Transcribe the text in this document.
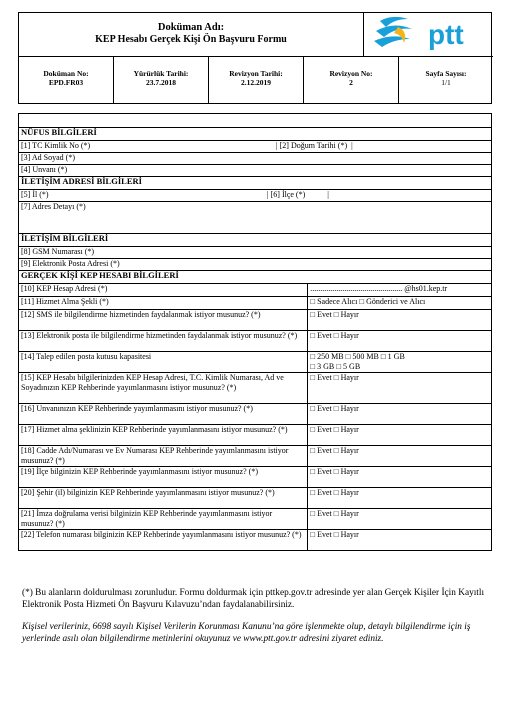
Doküman Adı:
KEP Hesabı Gerçek Kişi Ön Başvuru Formu	ptt
Doküman No:
EPD.FR03
Yürürlük Tarihi:
23.7.2018
Revizyon Tarihi:
2.12.2019
Revizyon No:
2
Sayfa Sayısı:
1/1

NÜFUS BİLGİLERİ	
[1] TC Kimlik No (*) | [2] Doğum Tarihi (*)  |	

[3] Ad Soyad (*)	
[4] Unvanı (*)	
İLETİŞİM ADRESİ BİLGİLERİ	
[5] İl (*) | [6] İlçe (*)           |	

[7] Adres Detayı (*)	
İLETİŞİM BİLGİLERİ	
[8] GSM Numarası (*)	
[9] Elektronik Posta Adresi (*)	
GERÇEK KİŞİ KEP HESABI BİLGİLERİ	
[10] KEP Hesap Adresi (*)	.............................................. @hs01.kep.tr
[11] Hizmet Alma Şekli (*)	□ Sadece Alıcı □ Gönderici ve Alıcı
[12] SMS ile bilgilendirme hizmetinden faydalanmak istiyor musunuz? (*)	□ Evet □ Hayır
[13] Elektronik posta ile bilgilendirme hizmetinden faydalanmak istiyor musunuz? (*)	□ Evet □ Hayır
[14] Talep edilen posta kutusu kapasitesi	□ 250 MB □ 500 MB □ 1 GB
□ 3 GB □ 5 GB

[15] KEP Hesabı bilgilerinizden KEP Hesap Adresi, T.C. Kimlik Numarası, Ad ve Soyadınızın KEP Rehberinde yayımlanmasını istiyor musunuz? (*)	□ Evet □ Hayır
[16] Unvanınızın KEP Rehberinde yayımlanmasını istiyor musunuz? (*)	□ Evet □ Hayır
[17] Hizmet alma şeklinizin KEP Rehberinde yayımlanmasını istiyor musunuz? (*)	□ Evet □ Hayır
[18] Cadde Adı/Numarası ve Ev Numarası KEP Rehberinde yayımlanmasını istiyor musunuz? (*)	□ Evet □ Hayır
[19] İlçe bilginizin KEP Rehberinde yayımlanmasını istiyor musunuz? (*)	□ Evet □ Hayır
[20] Şehir (il) bilginizin KEP Rehberinde yayımlanmasını istiyor musunuz? (*)	□ Evet □ Hayır
[21] İmza doğrulama verisi bilginizin KEP Rehberinde yayımlanmasını istiyor musunuz? (*)	□ Evet □ Hayır
[22] Telefon numarası bilginizin KEP Rehberinde yayımlanmasını istiyor musunuz? (*)	□ Evet □ Hayır
(*) Bu alanların doldurulması zorunludur. Formu doldurmak için pttkep.gov.tr adresinde yer alan Gerçek Kişiler İçin Kayıtlı Elektronik Posta Hizmeti Ön Başvuru Kılavuzu’ndan faydalanabilirsiniz.
Kişisel verileriniz, 6698 sayılı Kişisel Verilerin Korunması Kanunu’na göre işlenmekte olup, detaylı bilgilendirme için iş yerlerinde asılı olan bilgilendirme metinlerini okuyunuz ve www.ptt.gov.tr adresini ziyaret ediniz.
